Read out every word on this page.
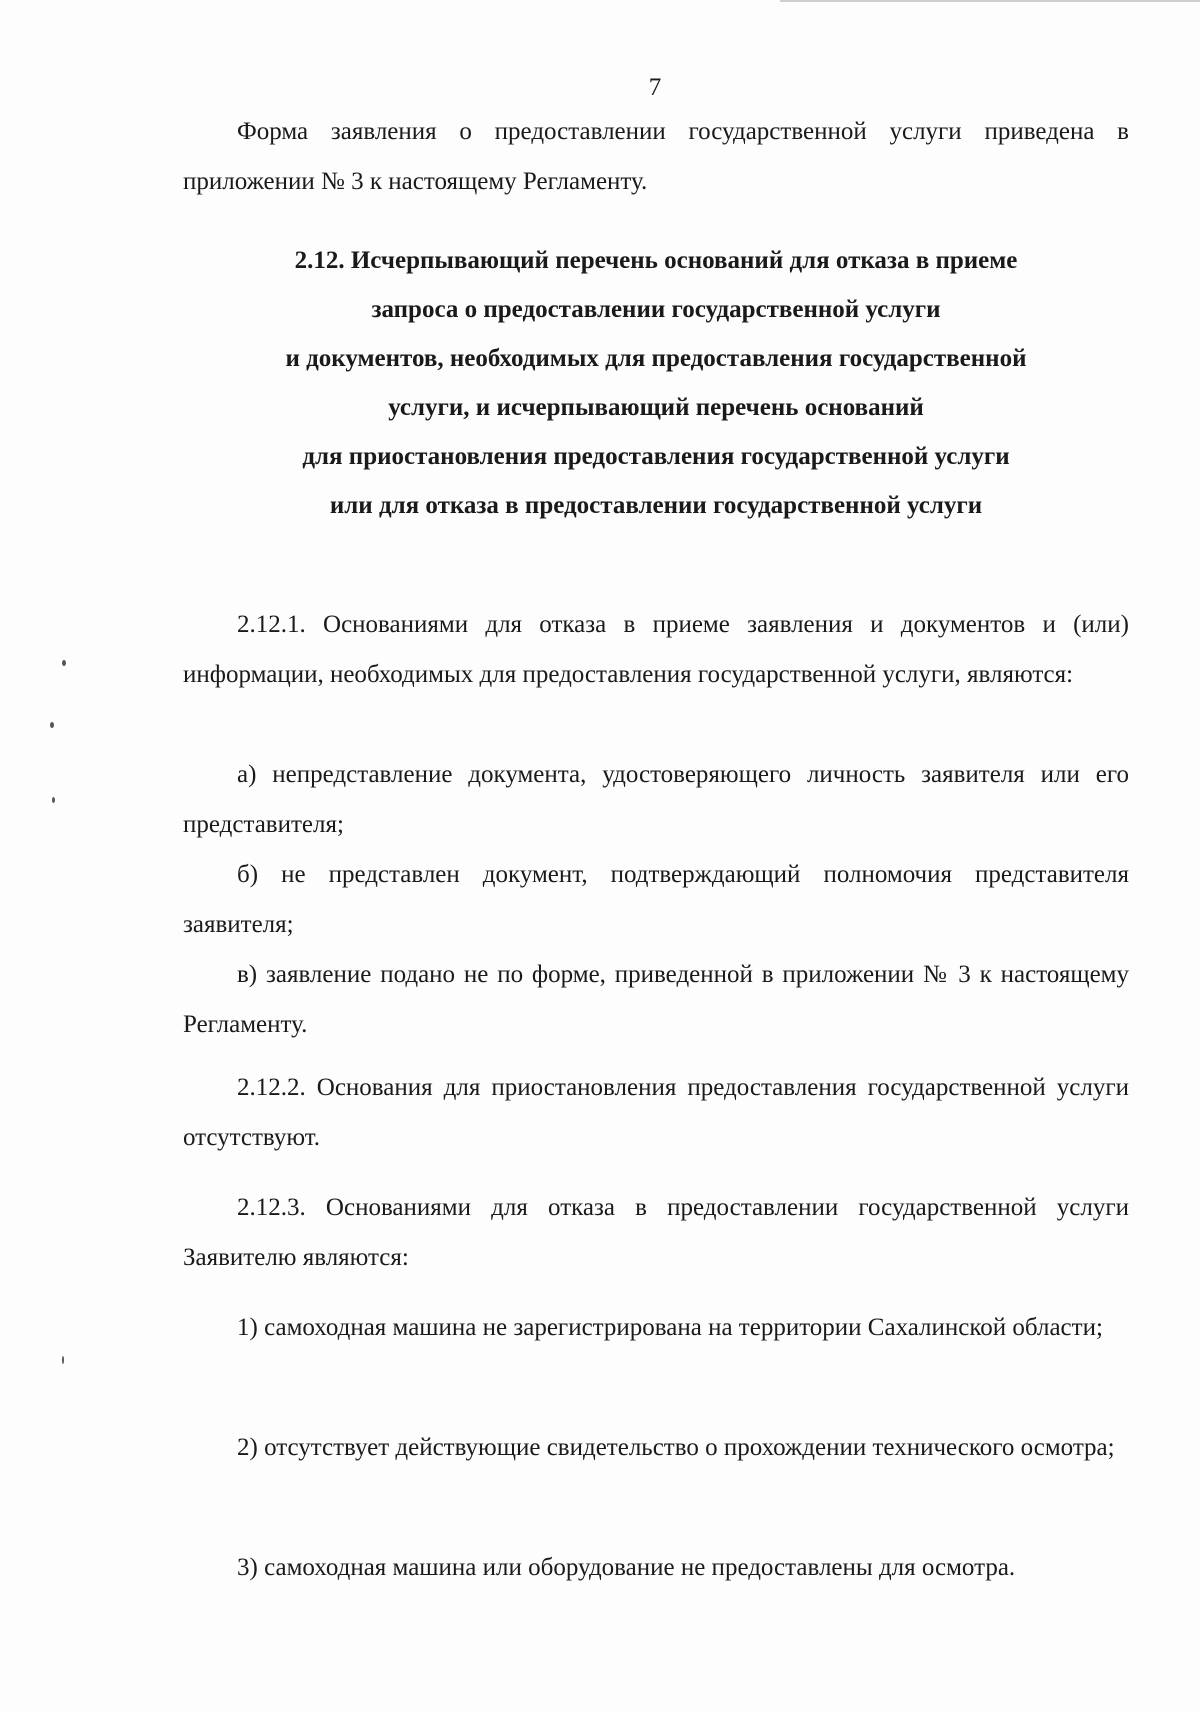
7

Форма заявления о предоставлении государственной услуги приведена в приложении № 3 к настоящему Регламенту.

2.12. Исчерпывающий перечень оснований для отказа в приеме
запроса о предоставлении государственной услуги
и документов, необходимых для предоставления государственной
услуги, и исчерпывающий перечень оснований
для приостановления предоставления государственной услуги
или для отказа в предоставлении государственной услуги

2.12.1. Основаниями для отказа в приеме заявления и документов и (или) информации, необходимых для предоставления государственной услуги, являются:

а) непредставление документа, удостоверяющего личность заявителя или его представителя;

б) не представлен документ, подтверждающий полномочия представителя заявителя;

в) заявление подано не по форме, приведенной в приложении № 3 к настоящему Регламенту.

2.12.2. Основания для приостановления предоставления государственной услуги отсутствуют.

2.12.3. Основаниями для отказа в предоставлении государственной услуги Заявителю являются:

1) самоходная машина не зарегистрирована на территории Сахалинской области;

2) отсутствует действующие свидетельство о прохождении технического осмотра;

3) самоходная машина или оборудование не предоставлены для осмотра.
